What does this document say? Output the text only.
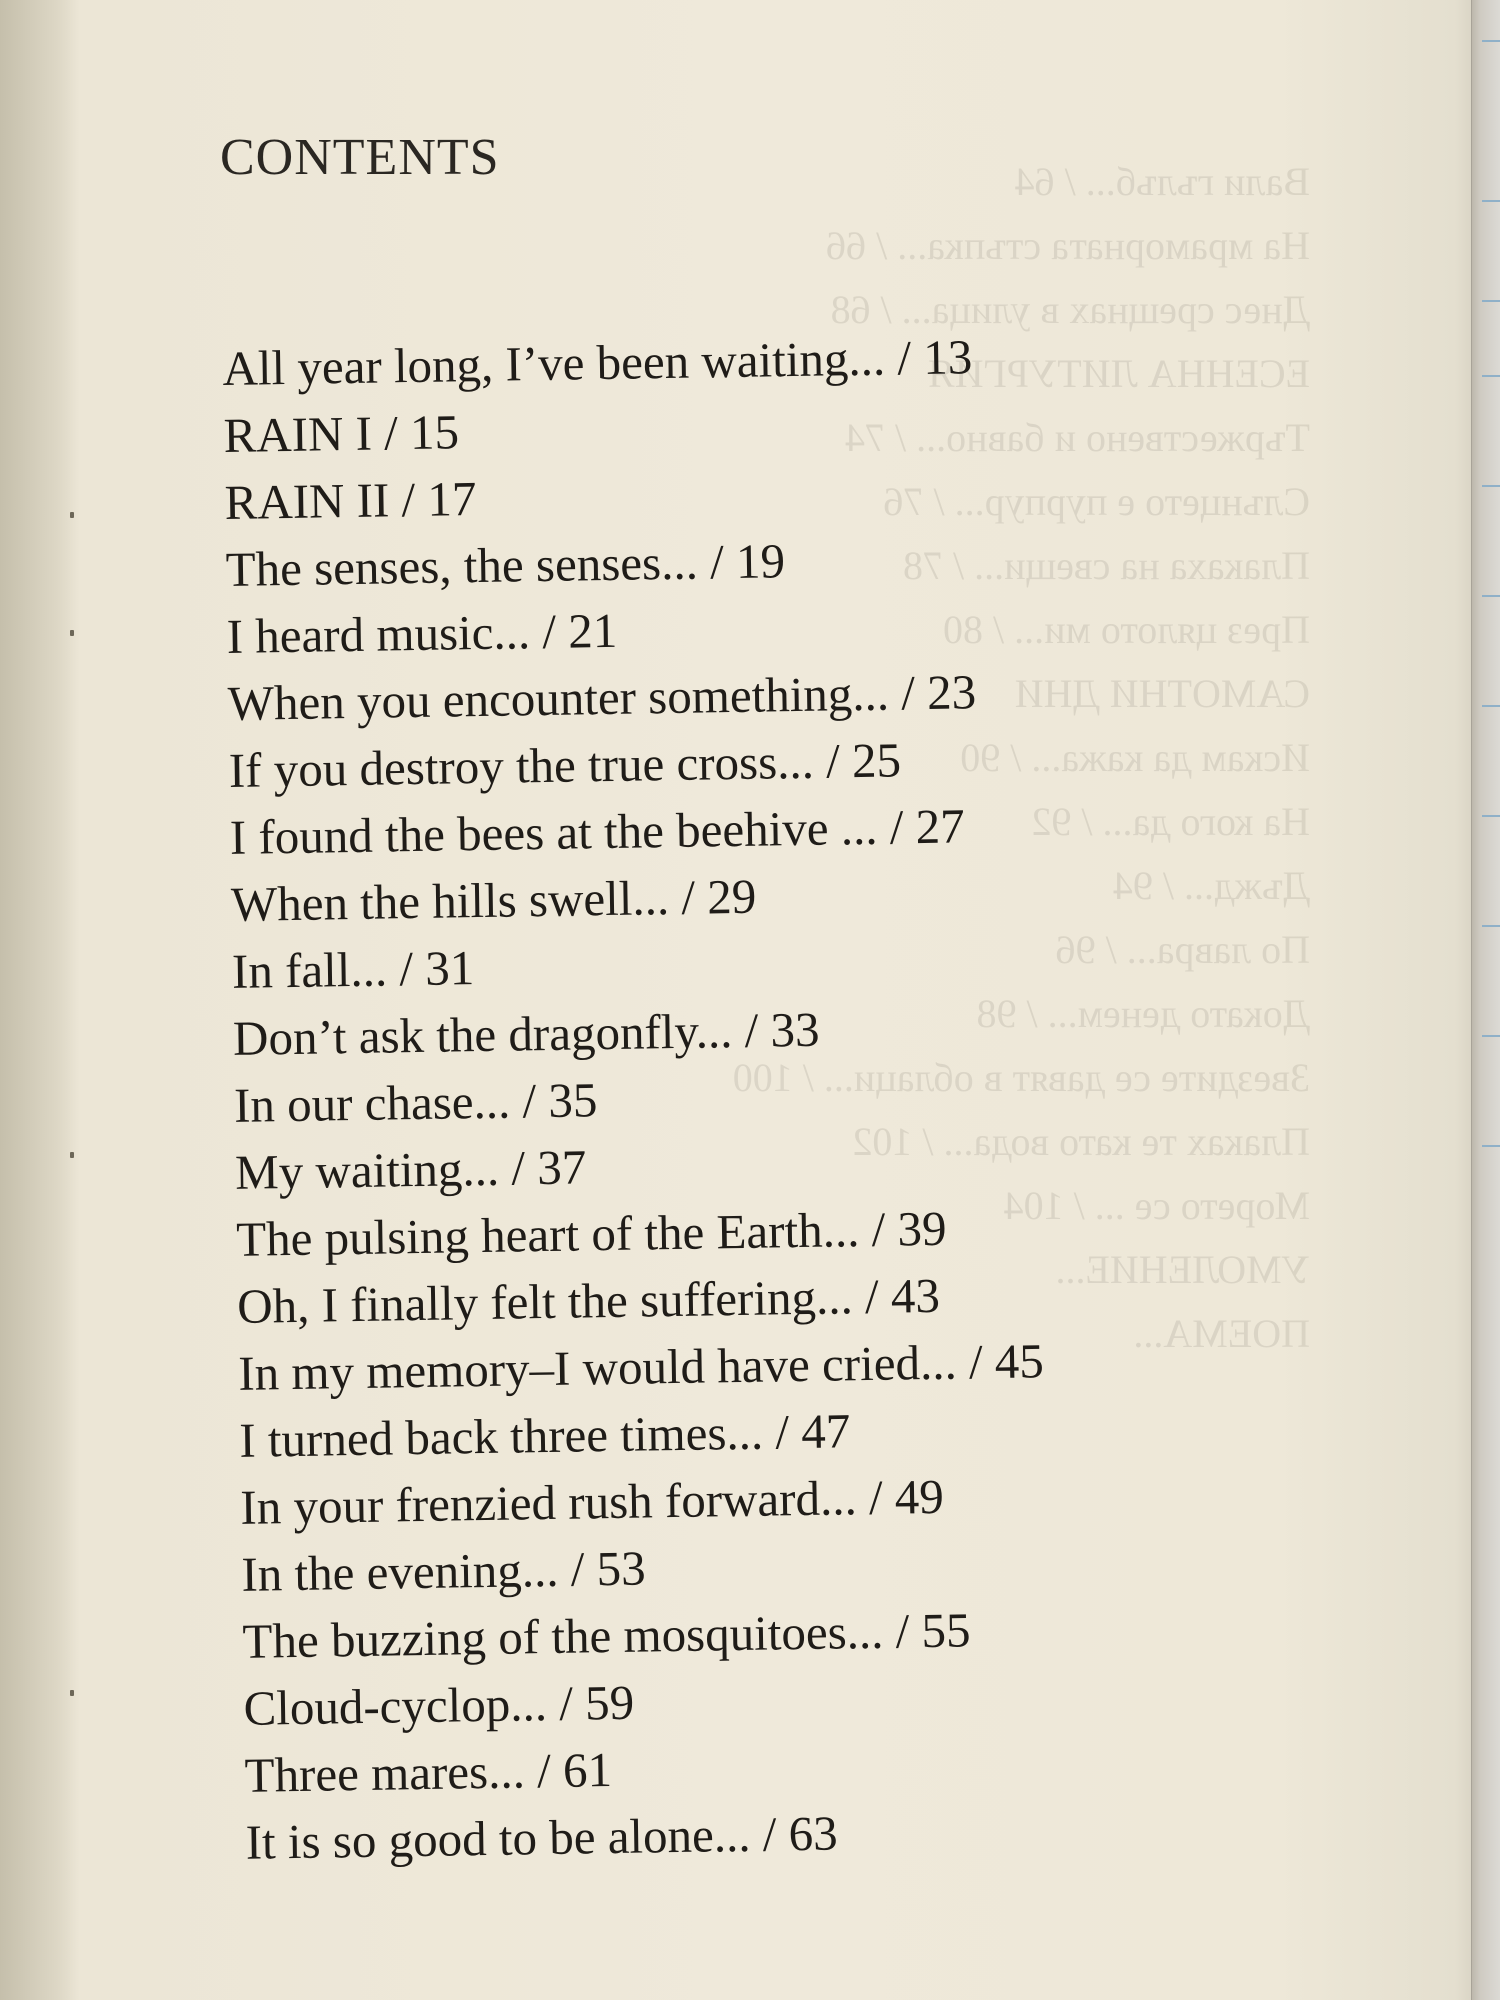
Вали гълъб... / 64
На мраморната стъпка... / 66
Днес срещнах в улица... / 68
ЕСЕННА ЛИТУРГИЯ
Тържествено и бавно... / 74
Слънцето е пурпур... / 76
Плакаха на свещи... / 78
През цялото ми... / 80
САМОТНИ ДНИ
Искам да кажа... / 90
На кого да... / 92
Дъжд... / 94
По лавра... / 96
Докато денем... / 98
Звездите се давят в облаци... / 100
Плаках те като вода... / 102
Морето се ... / 104
УМОЛЕНИЕ...
ПОЕМА...
CONTENTS
All year long, I’ve been waiting... / 13
RAIN I / 15
RAIN II / 17
The senses, the senses... / 19
I heard music... / 21
When you encounter something... / 23
If you destroy the true cross... / 25
I found the bees at the beehive ... / 27
When the hills swell... / 29
In fall... / 31
Don’t ask the dragonfly... / 33
In our chase... / 35
My waiting... / 37
The pulsing heart of the Earth... / 39
Oh, I finally felt the suffering... / 43
In my memory–I would have cried... / 45
I turned back three times... / 47
In your frenzied rush forward... / 49
In the evening... / 53
The buzzing of the mosquitoes... / 55
Cloud-cyclop... / 59
Three mares... / 61
It is so good to be alone... / 63
